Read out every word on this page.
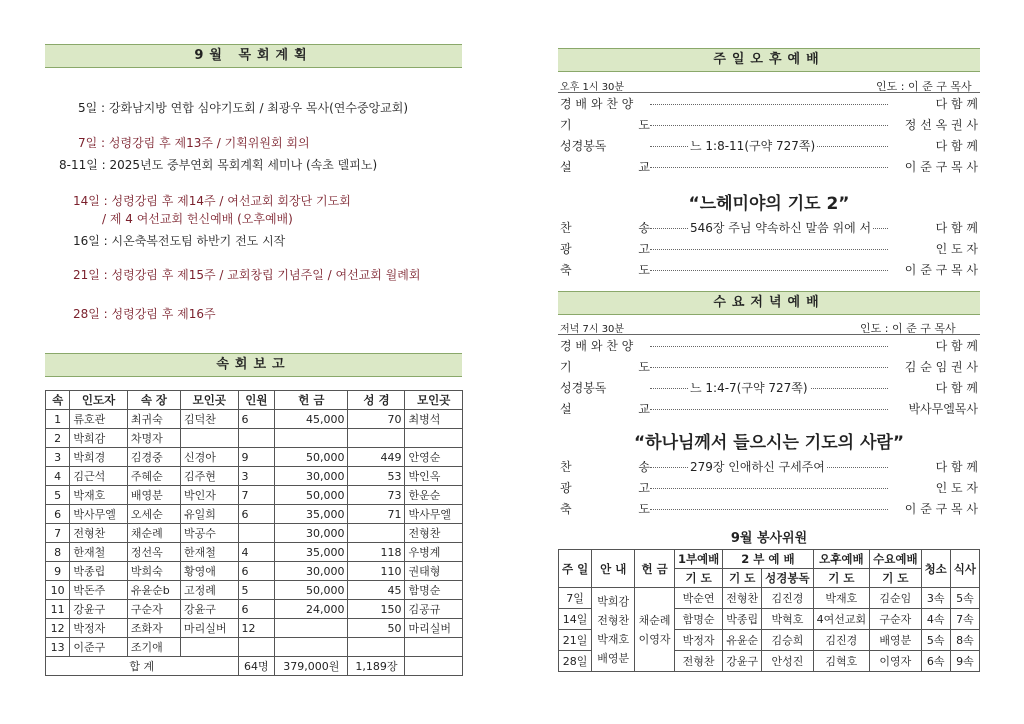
9월 목회계획
5일 : 강화남지방 연합 심야기도회 / 최광우 목사(연수중앙교회)
7일 : 성령강림 후 제13주 / 기획위원회 회의
8-11일 : 2025년도 중부연회 목회계획 세미나 (속초 델피노)
14일 : 성령강림 후 제14주 / 여선교회 회장단 기도회
/ 제 4 여선교회 헌신예배 (오후예배)
16일 : 시온축복전도팀 하반기 전도 시작
21일 : 성령강림 후 제15주 / 교회창립 기념주일 / 여선교회 월례회
28일 : 성령강림 후 제16주
속회보고
속	인도자	속 장	모인곳	인원	헌 금	성 경	모인곳
1	류호관	최귀숙	김덕찬	6	45,000	70	최병석
2	박희감	차명자					
3	박희경	김경중	신경아	9	50,000	449	안영순
4	김근석	주혜순	김주현	3	30,000	53	박인옥
5	박재호	배영분	박인자	7	50,000	73	한운순
6	박사무엘	오세순	유일희	6	35,000	71	박사무엘
7	전형찬	채순례	박공수		30,000		전형찬
8	한재철	정선옥	한재철	4	35,000	118	우병계
9	박종립	박희숙	황영애	6	30,000	110	권태형
10	박돈주	유윤순b	고정례	5	50,000	45	함명순
11	강윤구	구순자	강윤구	6	24,000	150	김공규
12	박정자	조화자	마리실버	12		50	마리실버
13	이준구	조기애					
합 계				64명	379,000원	1,189장	
주일오후예배
오후 1시 30분	인도 : 이 준 구 목사
경 배 와 찬 양	다 함 께
기	도	정 선 옥 권 사
성경봉독	느 1:8-11(구약 727쪽)	다 함 께
설	교	이 준 구 목 사
“느헤미야의 기도 2”
찬	송	546장 주님 약속하신 말씀 위에 서	다 함 께
광	고	인 도 자
축	도	이 준 구 목 사
수요저녁예배
저녁 7시 30분	인도 : 이 준 구 목사
경 배 와 찬 양	다 함 께
기	도	김 순 임 권 사
성경봉독	느 1:4-7(구약 727쪽)	다 함 께
설	교	박사무엘목사
“하나님께서 들으시는 기도의 사람”
찬	송	279장 인애하신 구세주여	다 함 께
광	고	인 도 자
축	도	이 준 구 목 사
9월 봉사위원
주 일	안 내	헌 금	1부예배	2 부 예 배		오후예배	수요예배	청소	식사
			기 도	기 도	성경봉독	기 도	기 도		
7일	박희감 전형찬 박재호 배영분	채순례 이영자	박순연	전형찬	김진경	박재호	김순임	3속	5속
14일			함명순	박종립	박혁호	4여선교회	구순자	4속	7속
21일			박정자	유윤순	김승희	김진경	배영분	5속	8속
28일			전형찬	강윤구	안성진	김혁호	이영자	6속	9속
